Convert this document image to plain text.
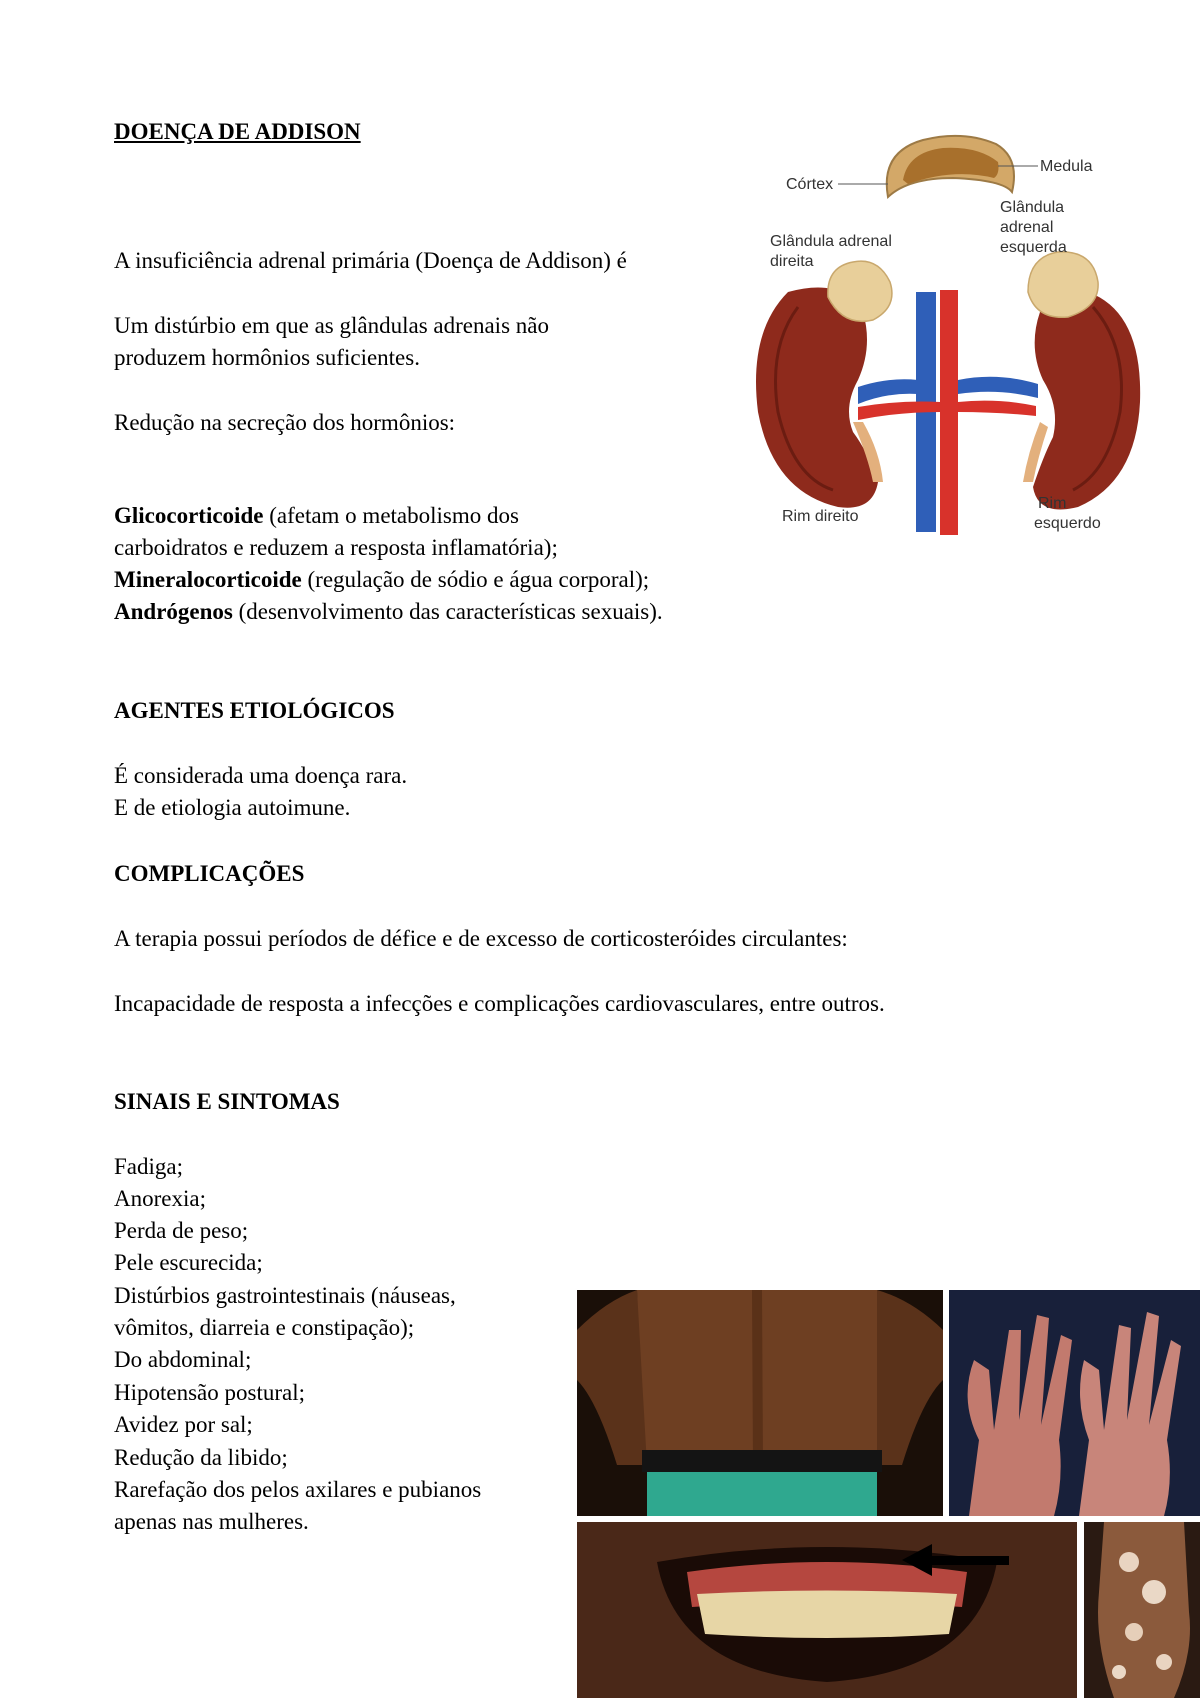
DOENÇA DE ADDISON

A insuficiência adrenal primária (Doença de Addison) é

Um distúrbio em que as glândulas adrenais não

produzem hormônios suficientes.

Redução na secreção dos hormônios:

Glicocorticoide (afetam o metabolismo dos

carboidratos e reduzem a resposta inflamatória);

Mineralocorticoide (regulação de sódio e água corporal);

Andrógenos (desenvolvimento das características sexuais).

AGENTES ETIOLÓGICOS

É considerada uma doença rara.

E de etiologia autoimune.

COMPLICAÇÕES

A terapia possui períodos de défice e de excesso de corticosteróides circulantes:

Incapacidade de resposta a infecções e complicações cardiovasculares, entre outros.

SINAIS E SINTOMAS

Fadiga;

Anorexia;

Perda de peso;

Pele escurecida;

Distúrbios gastrointestinais (náuseas,

vômitos, diarreia e constipação);

Do abdominal;

Hipotensão postural;

Avidez por sal;

Redução da libido;

Rarefação dos pelos axilares e pubianos

apenas nas mulheres.

Córtex
Medula
Glândula adrenal
direita
Glândula
adrenal
esquerda
Rim direito
Rim
esquerdo
